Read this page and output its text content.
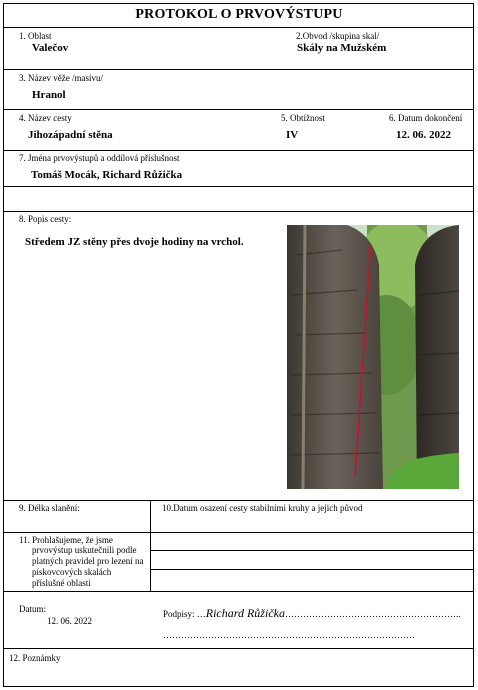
PROTOKOL O PRVOVÝSTUPU
1. Oblast
Valečov
2.Obvod /skupina skal/
Skály na Mužském
3. Název věže /masivu/
Hranol
4. Název cesty
Jihozápadní stěna
5. Obtížnost
IV
6. Datum dokončení
12. 06. 2022
7. Jména prvovýstupů a oddílová příslušnost
Tomáš Mocák, Richard Růžička
8. Popis cesty:
Středem JZ stěny přes dvoje hodiny na vrchol.
9. Délka slanění:	10.Datum osazení cesty stabilními kruhy a jejich původ
11. Prohlašujeme, že jsme
prvovýstup uskutečnili podle
platných pravidel pro lezení na
pískovcových skalách
příslušné oblasti
Datum:
12. 06. 2022
Podpisy: …Richard Růžička…………………………………………………..
…………………………………………………………………………
12. Poznámky
